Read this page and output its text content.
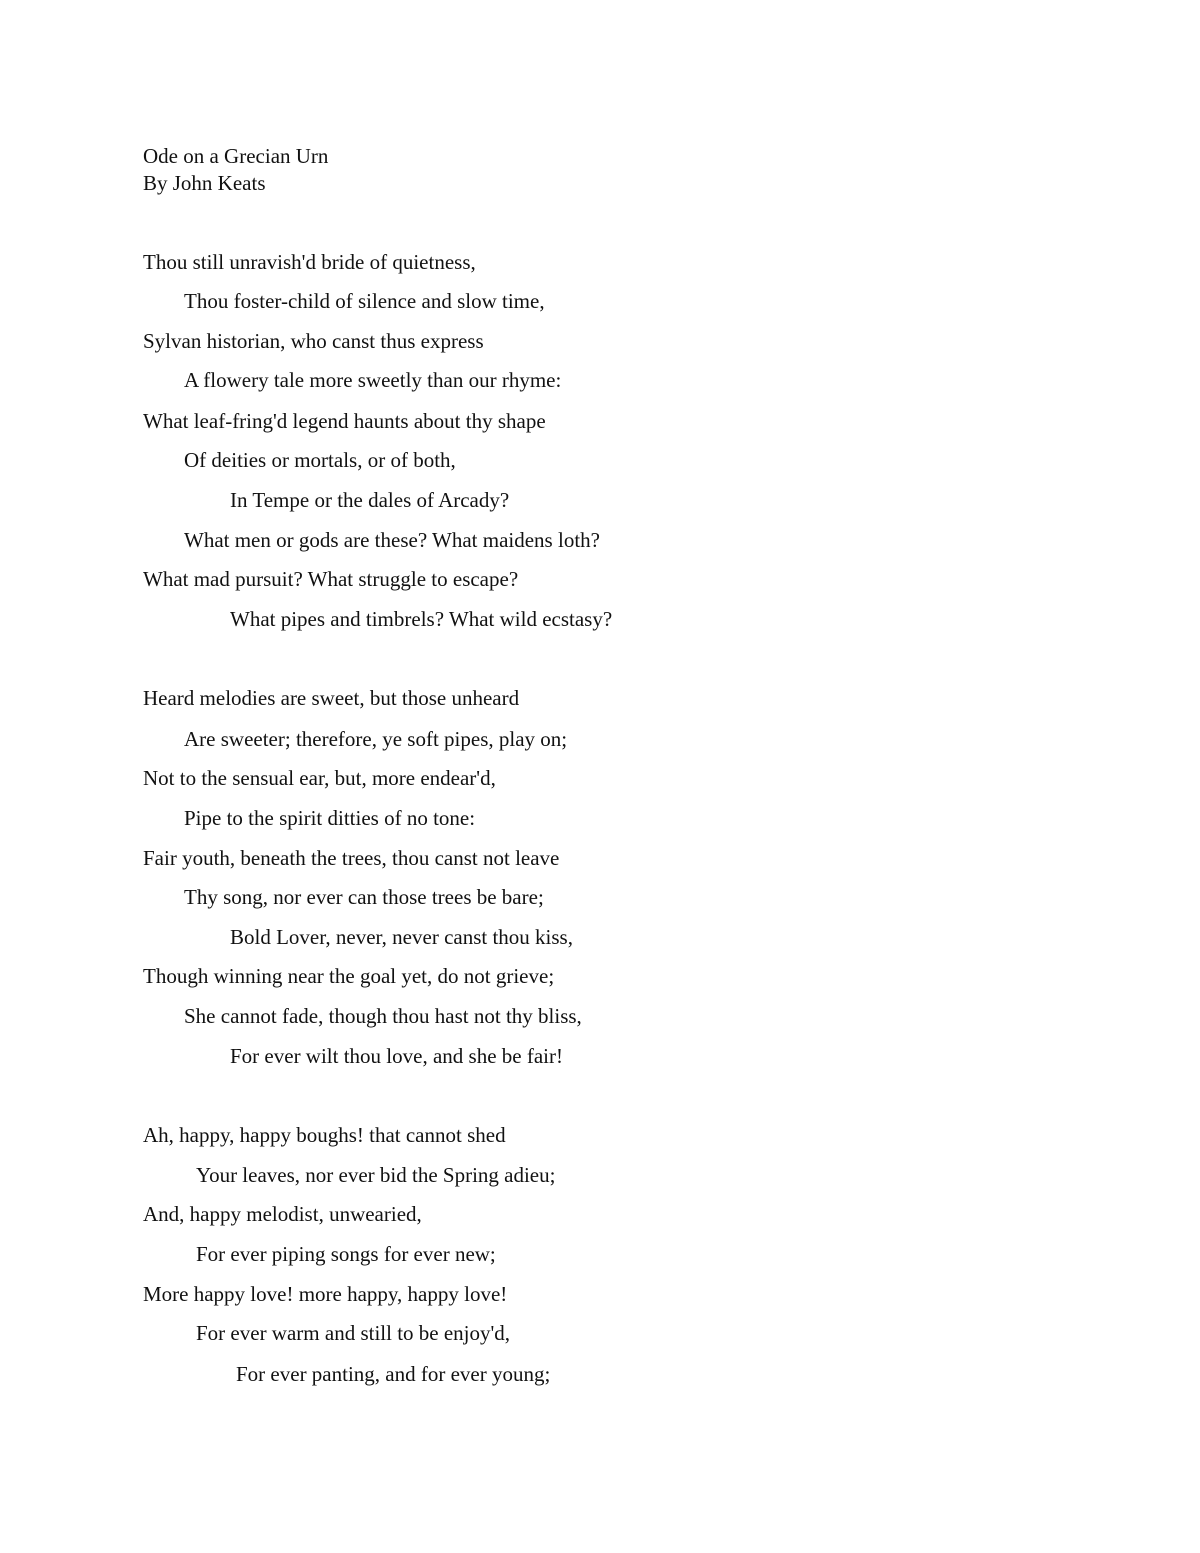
Ode on a Grecian Urn
By John Keats
Thou still unravish'd bride of quietness,
Thou foster-child of silence and slow time,
Sylvan historian, who canst thus express
A flowery tale more sweetly than our rhyme:
What leaf-fring'd legend haunts about thy shape
Of deities or mortals, or of both,
In Tempe or the dales of Arcady?
What men or gods are these? What maidens loth?
What mad pursuit? What struggle to escape?
What pipes and timbrels? What wild ecstasy?
Heard melodies are sweet, but those unheard
Are sweeter; therefore, ye soft pipes, play on;
Not to the sensual ear, but, more endear'd,
Pipe to the spirit ditties of no tone:
Fair youth, beneath the trees, thou canst not leave
Thy song, nor ever can those trees be bare;
Bold Lover, never, never canst thou kiss,
Though winning near the goal yet, do not grieve;
She cannot fade, though thou hast not thy bliss,
For ever wilt thou love, and she be fair!
Ah, happy, happy boughs! that cannot shed
Your leaves, nor ever bid the Spring adieu;
And, happy melodist, unwearied,
For ever piping songs for ever new;
More happy love! more happy, happy love!
For ever warm and still to be enjoy'd,
For ever panting, and for ever young;
